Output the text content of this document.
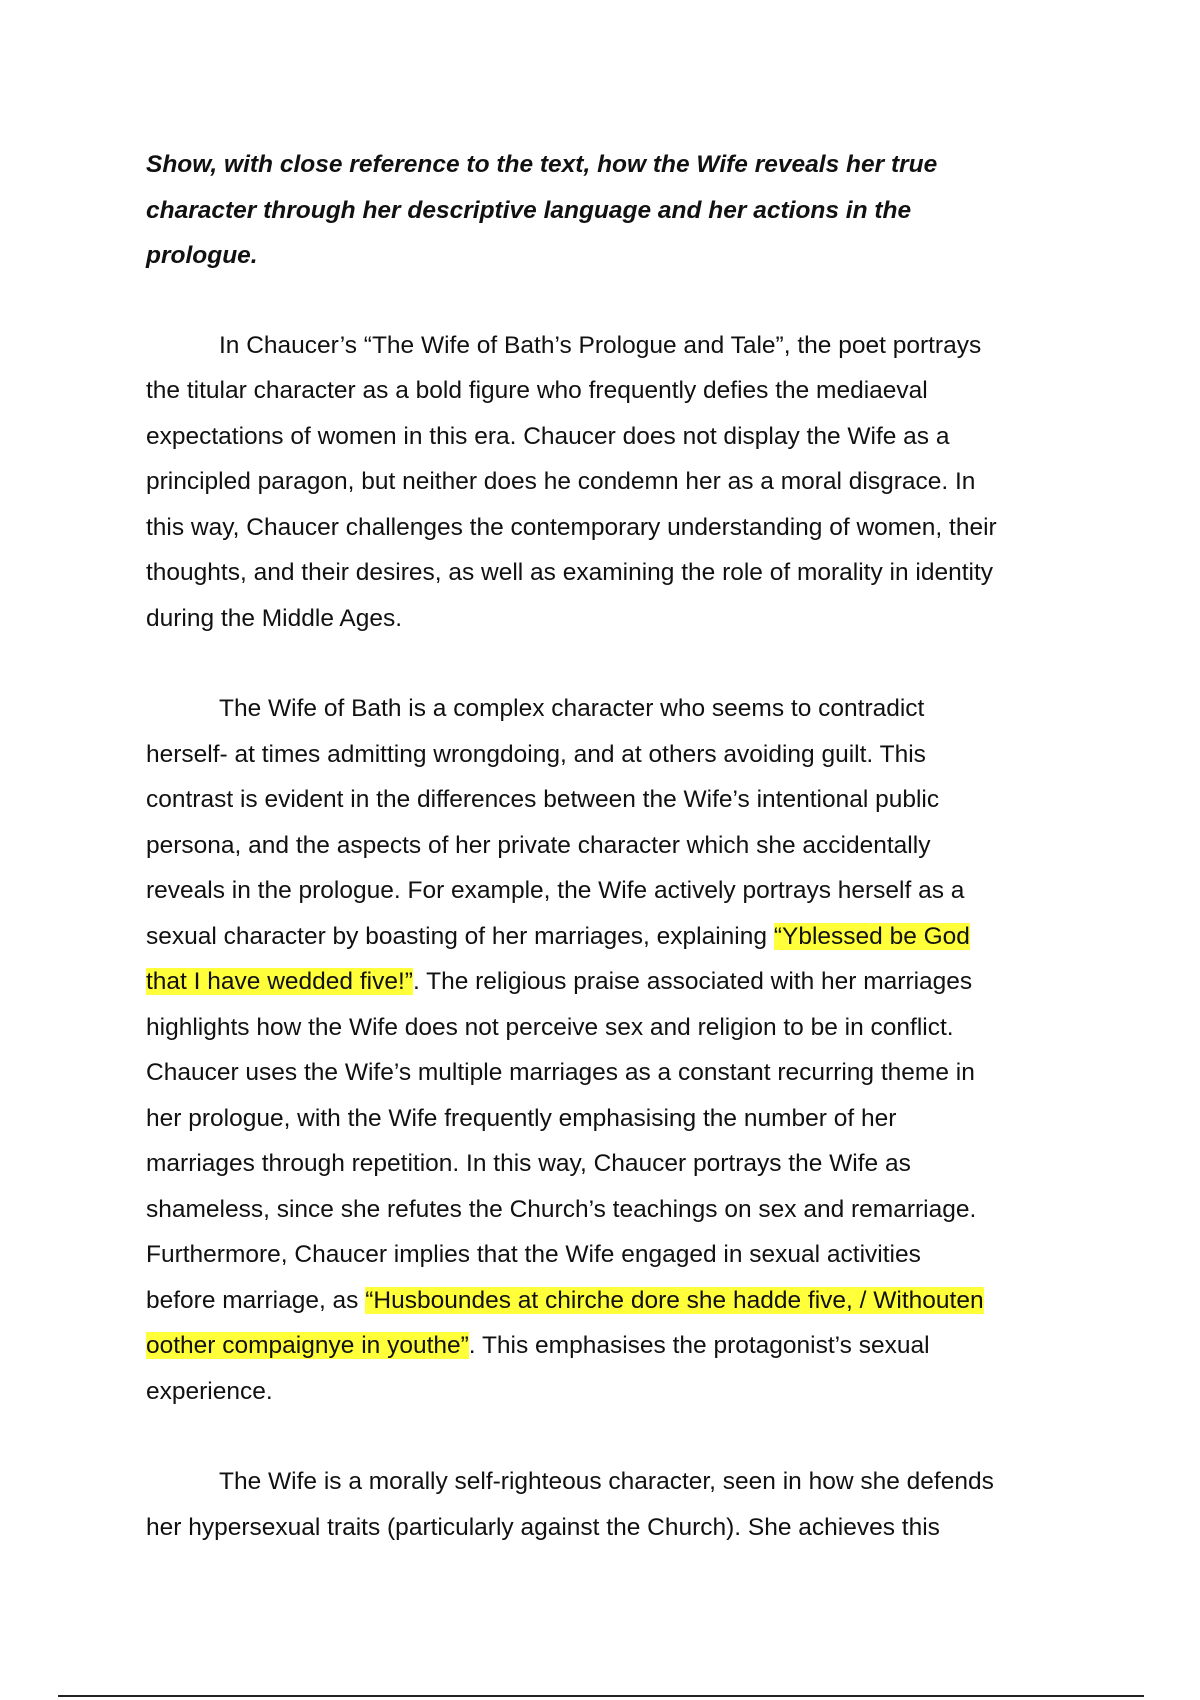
Show, with close reference to the text, how the Wife reveals her true character through her descriptive language and her actions in the prologue.
In Chaucer’s “The Wife of Bath’s Prologue and Tale”, the poet portrays
the titular character as a bold figure who frequently defies the mediaeval
expectations of women in this era. Chaucer does not display the Wife as a
principled paragon, but neither does he condemn her as a moral disgrace. In
this way, Chaucer challenges the contemporary understanding of women, their
thoughts, and their desires, as well as examining the role of morality in identity
during the Middle Ages.
The Wife of Bath is a complex character who seems to contradict
herself- at times admitting wrongdoing, and at others avoiding guilt. This
contrast is evident in the differences between the Wife’s intentional public
persona, and the aspects of her private character which she accidentally
reveals in the prologue. For example, the Wife actively portrays herself as a
sexual character by boasting of her marriages, explaining “Yblessed be God
that I have wedded five!”. The religious praise associated with her marriages
highlights how the Wife does not perceive sex and religion to be in conflict.
Chaucer uses the Wife’s multiple marriages as a constant recurring theme in
her prologue, with the Wife frequently emphasising the number of her
marriages through repetition. In this way, Chaucer portrays the Wife as
shameless, since she refutes the Church’s teachings on sex and remarriage.
Furthermore, Chaucer implies that the Wife engaged in sexual activities
before marriage, as “Husboundes at chirche dore she hadde five, / Withouten
oother compaignye in youthe”. This emphasises the protagonist’s sexual
experience.
The Wife is a morally self-righteous character, seen in how she defends
her hypersexual traits (particularly against the Church). She achieves this
